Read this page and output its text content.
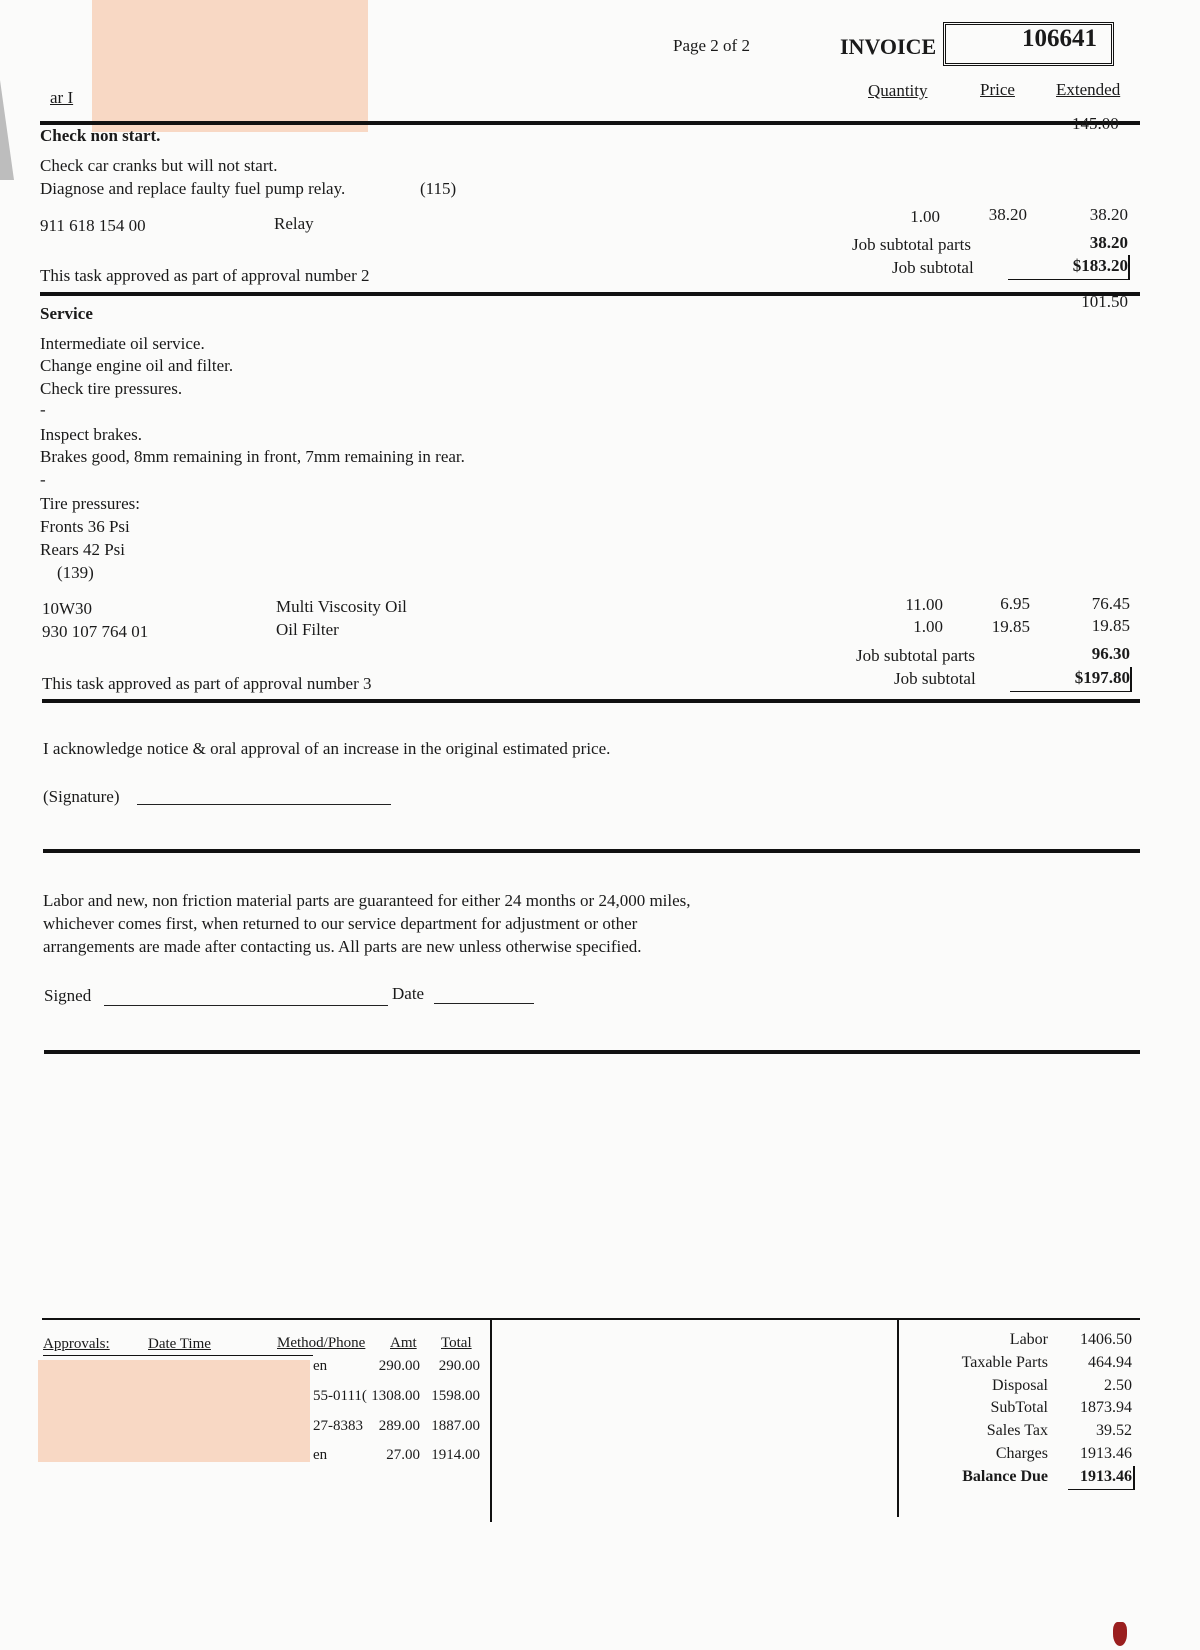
ar I
Page 2 of 2	INVOICE	106641
Quantity	Price Extended
145.00
Check non start.
Check car cranks but will not start.
Diagnose and replace faulty fuel pump relay.	(115)
911 618 154 00	Relay	1.00	38.20	38.20
Job subtotal parts	38.20
This task approved as part of approval number 2	Job subtotal	$183.20
Service
101.50
Intermediate oil service.
Change engine oil and filter.
Check tire pressures.
-
Inspect brakes.
Brakes good, 8mm remaining in front, 7mm remaining in rear.
-
Tire pressures:
Fronts 36 Psi
Rears 42 Psi
(139)
10W30	Multi Viscosity Oil	11.00	6.95	76.45
930 107 764 01	Oil Filter	1.00	19.85	19.85
Job subtotal parts	96.30
This task approved as part of approval number 3	Job subtotal	$197.80
I acknowledge notice & oral approval of an increase in the original estimated price.
(Signature)
Labor and new, non friction material parts are guaranteed for either 24 months or 24,000 miles,
whichever comes first, when returned to our service department for adjustment or other
arrangements are made after contacting us. All parts are new unless otherwise specified.
Signed	Date
Approvals:	Date Time	Method/Phone Amt Total
en	290.00	290.00
55-0111( 1308.00 1598.00
27-8383	289.00 1887.00
en	27.00 1914.00
Labor	1406.50
Taxable Parts	464.94
Disposal	2.50
SubTotal	1873.94
Sales Tax	39.52
Charges	1913.46
Balance Due	1913.46
